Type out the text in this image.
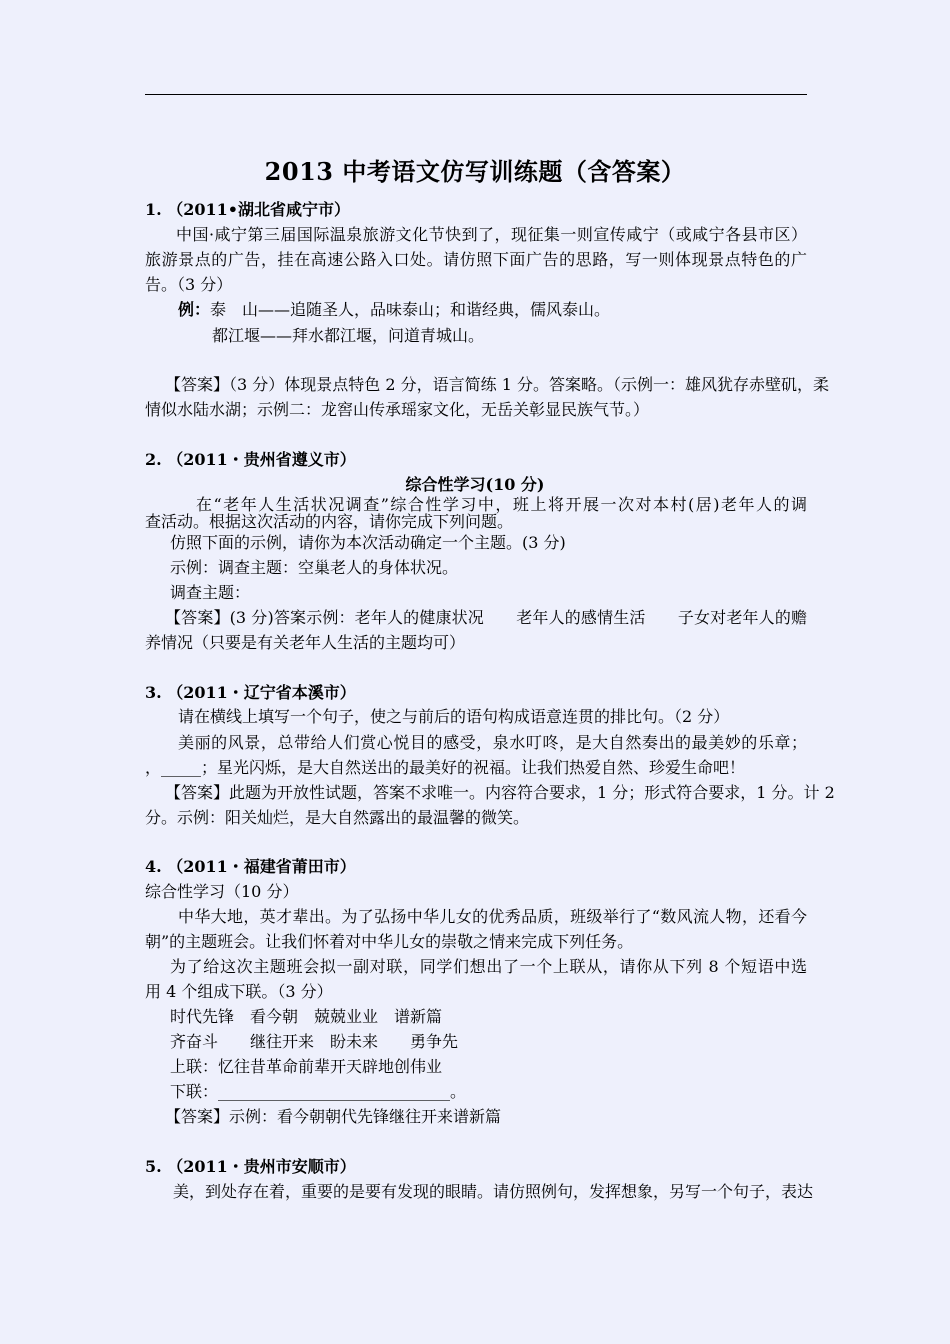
2013 中考语文仿写训练题（含答案）
1. （2011•湖北省咸宁市）
中国·咸宁第三届国际温泉旅游文化节快到了，现征集一则宣传咸宁（或咸宁各县市区）
旅游景点的广告，挂在高速公路入口处。请仿照下面广告的思路，写一则体现景点特色的广
告。（3 分）
例：泰　山——追随圣人，品味泰山；和谐经典，儒风泰山。
都江堰——拜水都江堰，问道青城山。
【答案】（3 分）体现景点特色 2 分，语言简练 1 分。答案略。（示例一：雄风犹存赤壁矶，柔
情似水陆水湖；示例二：龙窖山传承瑶家文化，无岳关彰显民族气节。）
2. （2011・贵州省遵义市）
综合性学习(10 分)
在“老年人生活状况调查”综合性学习中，班上将开展一次对本村(居)老年人的调
查活动。根据这次活动的内容，请你完成下列问题。
仿照下面的示例，请你为本次活动确定一个主题。(3 分)
示例：调查主题：空巢老人的身体状况。
调查主题：
【答案】(3 分)答案示例：老年人的健康状况　　老年人的感情生活　　子女对老年人的赡
养情况（只要是有关老年人生活的主题均可）
3. （2011・辽宁省本溪市）
请在横线上填写一个句子，使之与前后的语句构成语意连贯的排比句。（2 分）
美丽的风景，总带给人们赏心悦目的感受，泉水叮咚，是大自然奏出的最美妙的乐章；
，_____；星光闪烁，是大自然送出的最美好的祝福。让我们热爱自然、珍爱生命吧！
【答案】此题为开放性试题，答案不求唯一。内容符合要求，1 分；形式符合要求，1 分。计 2
分。示例：阳关灿烂，是大自然露出的最温馨的微笑。
4. （2011・福建省莆田市）
综合性学习（10 分）
中华大地，英才辈出。为了弘扬中华儿女的优秀品质，班级举行了“数风流人物，还看今
朝”的主题班会。让我们怀着对中华儿女的崇敬之情来完成下列任务。
为了给这次主题班会拟一副对联，同学们想出了一个上联从，请你从下列 8 个短语中选
用 4 个组成下联。（3 分）
时代先锋　看今朝　兢兢业业　谱新篇
齐奋斗　　继往开来　盼未来　　勇争先
上联：忆往昔革命前辈开天辟地创伟业
下联：_____________________________。
【答案】示例：看今朝朝代先锋继往开来谱新篇
5. （2011・贵州市安顺市）
美，到处存在着，重要的是要有发现的眼睛。请仿照例句，发挥想象，另写一个句子，表达
